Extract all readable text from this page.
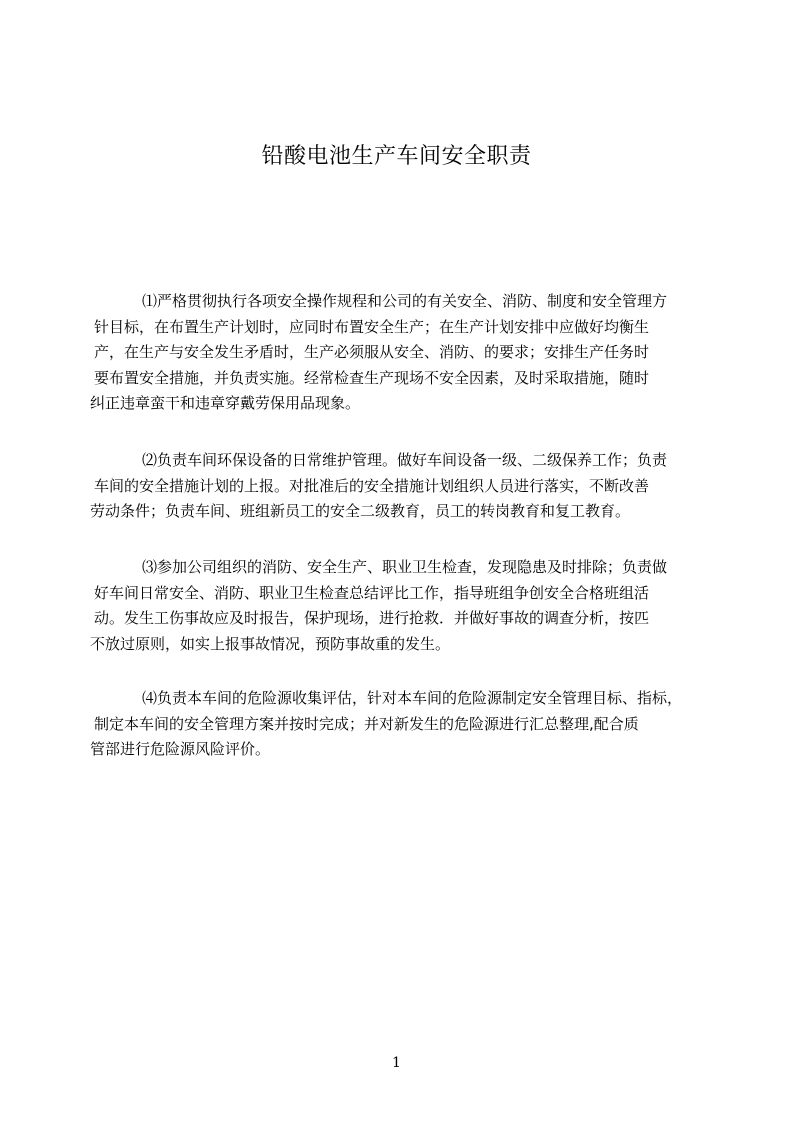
铅酸电池生产车间安全职责

⑴严格贯彻执行各项安全操作规程和公司的有关安全、消防、制度和安全管理方
针目标，在布置生产计划时，应同时布置安全生产；在生产计划安排中应做好均衡生
产，在生产与安全发生矛盾时，生产必须服从安全、消防、的要求；安排生产任务时
要布置安全措施，并负责实施。经常检查生产现场不安全因素，及时采取措施，随时
纠正违章蛮干和违章穿戴劳保用品现象。

⑵负责车间环保设备的日常维护管理。做好车间设备一级、二级保养工作；负责
车间的安全措施计划的上报。对批准后的安全措施计划组织人员进行落实，不断改善
劳动条件；负责车间、班组新员工的安全二级教育，员工的转岗教育和复工教育。

⑶参加公司组织的消防、安全生产、职业卫生检查，发现隐患及时排除；负责做
好车间日常安全、消防、职业卫生检查总结评比工作，指导班组争创安全合格班组活
动。发生工伤事故应及时报告，保护现场，进行抢救．并做好事故的调查分析，按匹
不放过原则，如实上报事故情况，预防事故重的发生。

⑷负责本车间的危险源收集评估，针对本车间的危险源制定安全管理目标、指标，
制定本车间的安全管理方案并按时完成；并对新发生的危险源进行汇总整理,配合质
管部进行危险源风险评价。

1
